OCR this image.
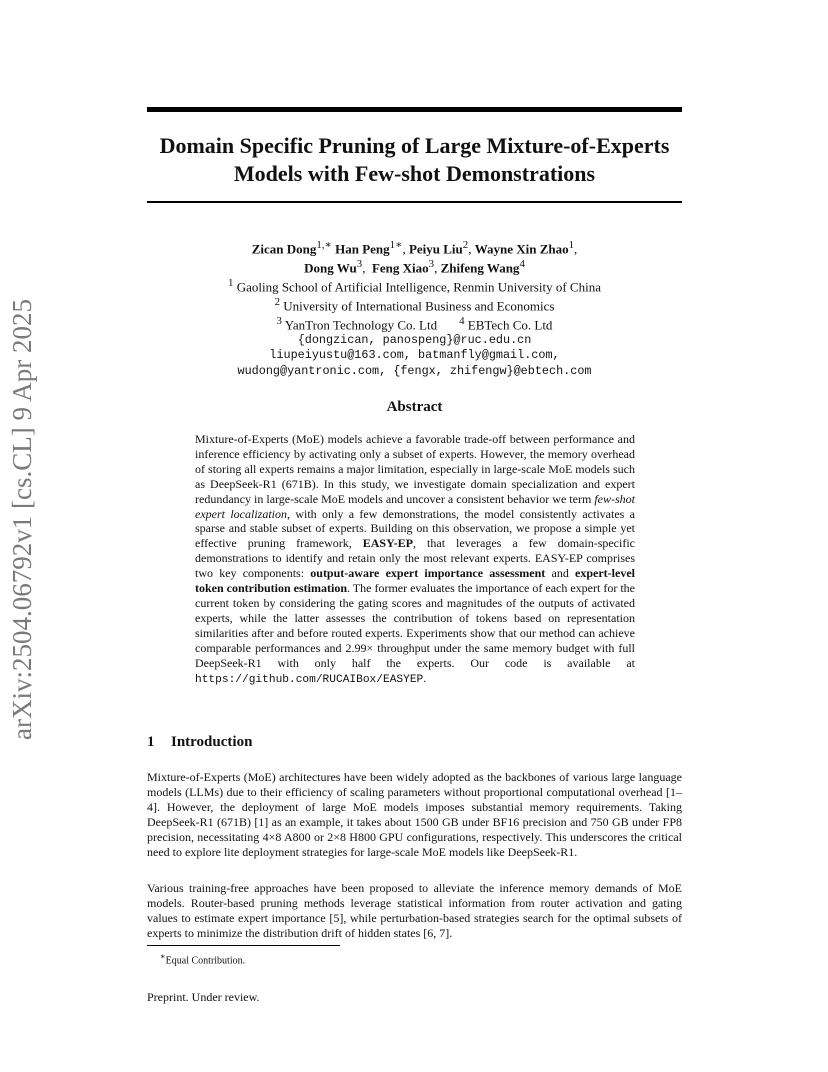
arXiv:2504.06792v1 [cs.CL] 9 Apr 2025
Domain Specific Pruning of Large Mixture-of-Experts
Models with Few-shot Demonstrations
Zican Dong$^{1,∗}$ Han Peng$^{1∗}$, Peiyu Liu$^2$, Wayne Xin Zhao$^1$,
Dong Wu$^3$,  Feng Xiao$^3$, Zhifeng Wang$^4$
$^1$ Gaoling School of Artificial Intelligence, Renmin University of China
$^2$ University of International Business and Economics
$^3$ YanTron Technology Co. Ltd $^4$ EBTech Co. Ltd
{dongzican, panospeng}@ruc.edu.cn
liupeiyustu@163.com, batmanfly@gmail.com,
wudong@yantronic.com, {fengx, zhifengw}@ebtech.com
Abstract
Mixture-of-Experts (MoE) models achieve a favorable trade-off between performance and inference efficiency by activating only a subset of experts. However, the memory overhead of storing all experts remains a major limitation, especially in large-scale MoE models such as DeepSeek-R1 (671B). In this study, we investigate domain specialization and expert redundancy in large-scale MoE models and uncover a consistent behavior we term few-shot expert localization, with only a few demonstrations, the model consistently activates a sparse and stable subset of experts. Building on this observation, we propose a simple yet effective pruning framework, EASY-EP, that leverages a few domain-specific demonstrations to identify and retain only the most relevant experts. EASY-EP comprises two key components: output-aware expert importance assessment and expert-level token contribution estimation. The former evaluates the importance of each expert for the current token by considering the gating scores and magnitudes of the outputs of activated experts, while the latter assesses the contribution of tokens based on representation similarities after and before routed experts. Experiments show that our method can achieve comparable performances and 2.99× throughput under the same memory budget with full DeepSeek-R1 with only half the experts. Our code is available at https://github.com/RUCAIBox/EASYEP.
1 Introduction
Mixture-of-Experts (MoE) architectures have been widely adopted as the backbones of various large language models (LLMs) due to their efficiency of scaling parameters without proportional computational overhead [1–4]. However, the deployment of large MoE models imposes substantial memory requirements. Taking DeepSeek-R1 (671B) [1] as an example, it takes about 1500 GB under BF16 precision and 750 GB under FP8 precision, necessitating 4×8 A800 or 2×8 H800 GPU configurations, respectively. This underscores the critical need to explore lite deployment strategies for large-scale MoE models like DeepSeek-R1.
Various training-free approaches have been proposed to alleviate the inference memory demands of MoE models. Router-based pruning methods leverage statistical information from router activation and gating values to estimate expert importance [5], while perturbation-based strategies search for the optimal subsets of experts to minimize the distribution drift of hidden states [6, 7].
∗Equal Contribution.
Preprint. Under review.
